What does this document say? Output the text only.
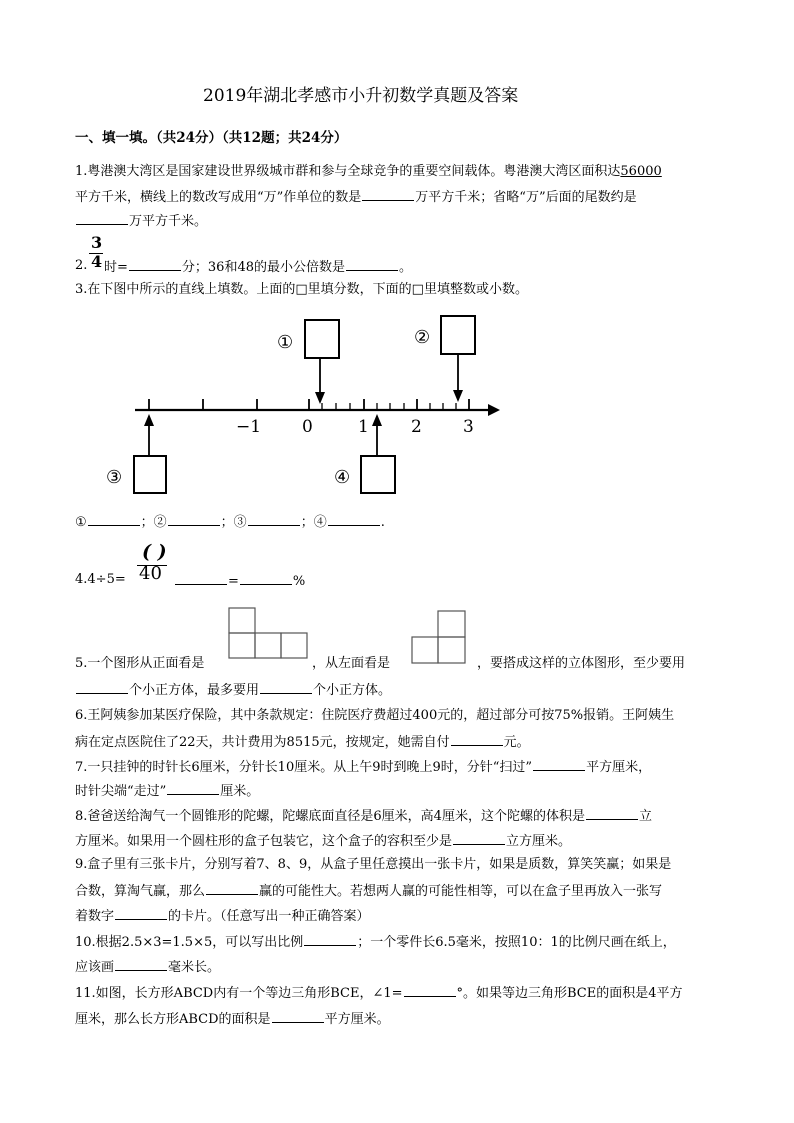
2019年湖北孝感市小升初数学真题及答案
一、填一填。（共24分）（共12题；共24分）
1.粤港澳大湾区是国家建设世界级城市群和参与全球竞争的重要空间载体。粤港澳大湾区面积达56000
平方千米，横线上的数改写成用“万”作单位的数是	万平方千米；省略“万”后面的尾数约是
万平方千米。
3
4
2. 时=	分；36和48的最小公倍数是	。
3.在下图中所示的直线上填数。上面的□里填分数，下面的□里填整数或小数。
−1 0	1 2 3
①	②
③	④
①	；②	；③	；④	.
( )
40
4.4÷5=	=	%
5.一个图形从正面看是	，从左面看是	，要搭成这样的立体图形，至少要用
个小正方体，最多要用	个小正方体。
6.王阿姨参加某医疗保险，其中条款规定：住院医疗费超过400元的，超过部分可按75%报销。王阿姨生
病在定点医院住了22天，共计费用为8515元，按规定，她需自付	元。
7.一只挂钟的时针长6厘米，分针长10厘米。从上午9时到晚上9时，分针“扫过”	平方厘米，
时针尖端“走过”	厘米。
8.爸爸送给淘气一个圆锥形的陀螺，陀螺底面直径是6厘米，高4厘米，这个陀螺的体积是	立
方厘米。如果用一个圆柱形的盒子包装它，这个盒子的容积至少是	立方厘米。
9.盒子里有三张卡片，分别写着7、8、9，从盒子里任意摸出一张卡片，如果是质数，算笑笑赢；如果是
合数，算淘气赢，那么	赢的可能性大。若想两人赢的可能性相等，可以在盒子里再放入一张写
着数字	的卡片。（任意写出一种正确答案）
10.根据2.5×3=1.5×5，可以写出比例	；一个零件长6.5毫米，按照10：1的比例尺画在纸上，
应该画	毫米长。
11.如图，长方形ABCD内有一个等边三角形BCE，∠1=	°。如果等边三角形BCE的面积是4平方
厘米，那么长方形ABCD的面积是	平方厘米。
